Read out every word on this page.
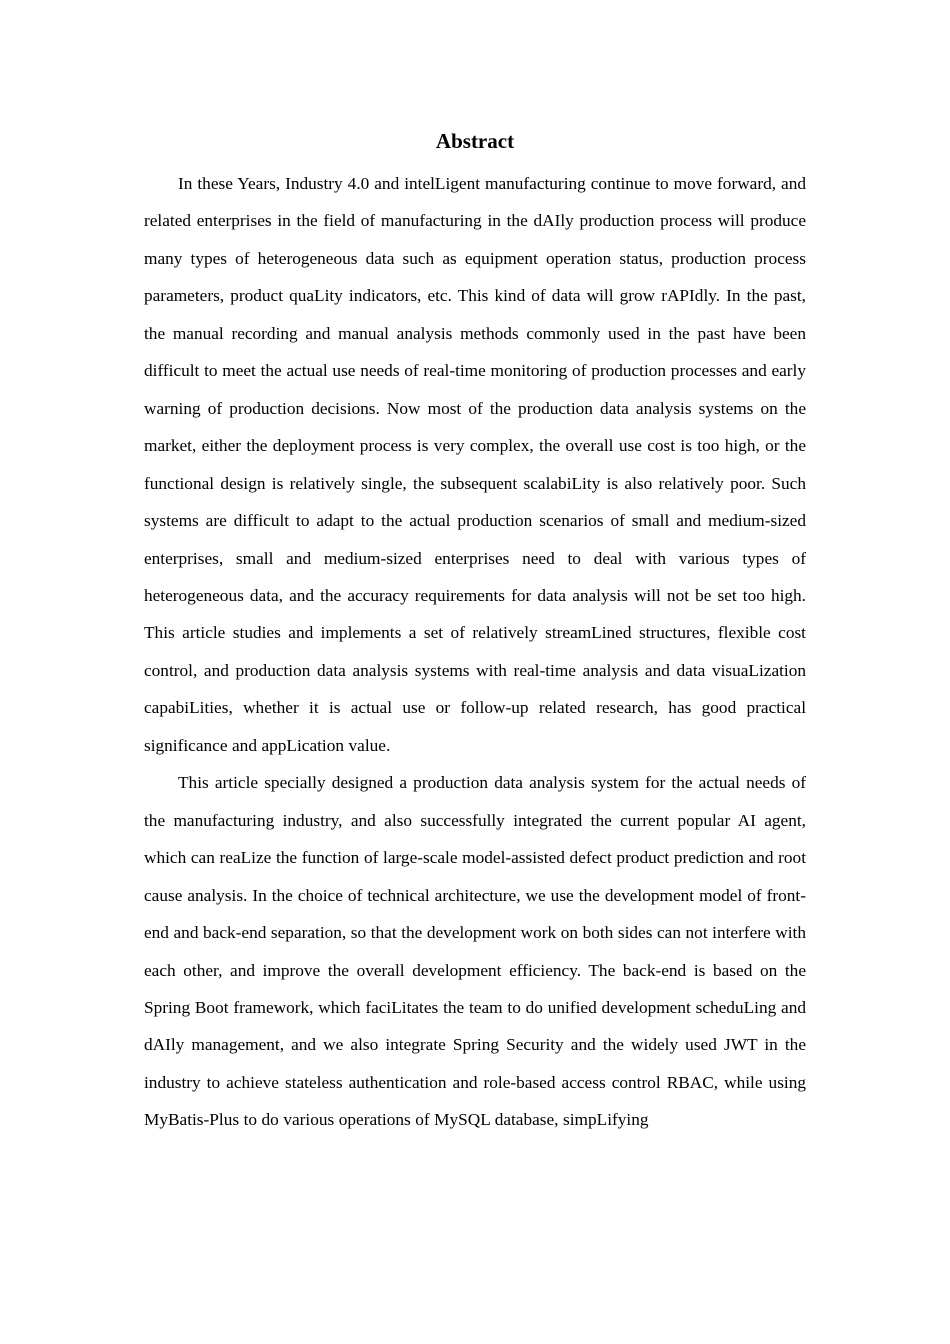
Abstract

In these Years, Industry 4.0 and intelLigent manufacturing continue to move forward, and related enterprises in the field of manufacturing in the dAIly production process will produce many types of heterogeneous data such as equipment operation status, production process parameters, product quaLity indicators, etc. This kind of data will grow rAPIdly. In the past, the manual recording and manual analysis methods commonly used in the past have been difficult to meet the actual use needs of real-time monitoring of production processes and early warning of production decisions. Now most of the production data analysis systems on the market, either the deployment process is very complex, the overall use cost is too high, or the functional design is relatively single, the subsequent scalabiLity is also relatively poor. Such systems are difficult to adapt to the actual production scenarios of small and medium-sized enterprises, small and medium-sized enterprises need to deal with various types of heterogeneous data, and the accuracy requirements for data analysis will not be set too high. This article studies and implements a set of relatively streamLined structures, flexible cost control, and production data analysis systems with real-time analysis and data visuaLization capabiLities, whether it is actual use or follow-up related research, has good practical significance and appLication value.

This article specially designed a production data analysis system for the actual needs of the manufacturing industry, and also successfully integrated the current popular AI agent, which can reaLize the function of large-scale model-assisted defect product prediction and root cause analysis. In the choice of technical architecture, we use the development model of front-end and back-end separation, so that the development work on both sides can not interfere with each other, and improve the overall development efficiency. The back-end is based on the Spring Boot framework, which faciLitates the team to do unified development scheduLing and dAIly management, and we also integrate Spring Security and the widely used JWT in the industry to achieve stateless authentication and role-based access control RBAC, while using MyBatis-Plus to do various operations of MySQL database, simpLifying
